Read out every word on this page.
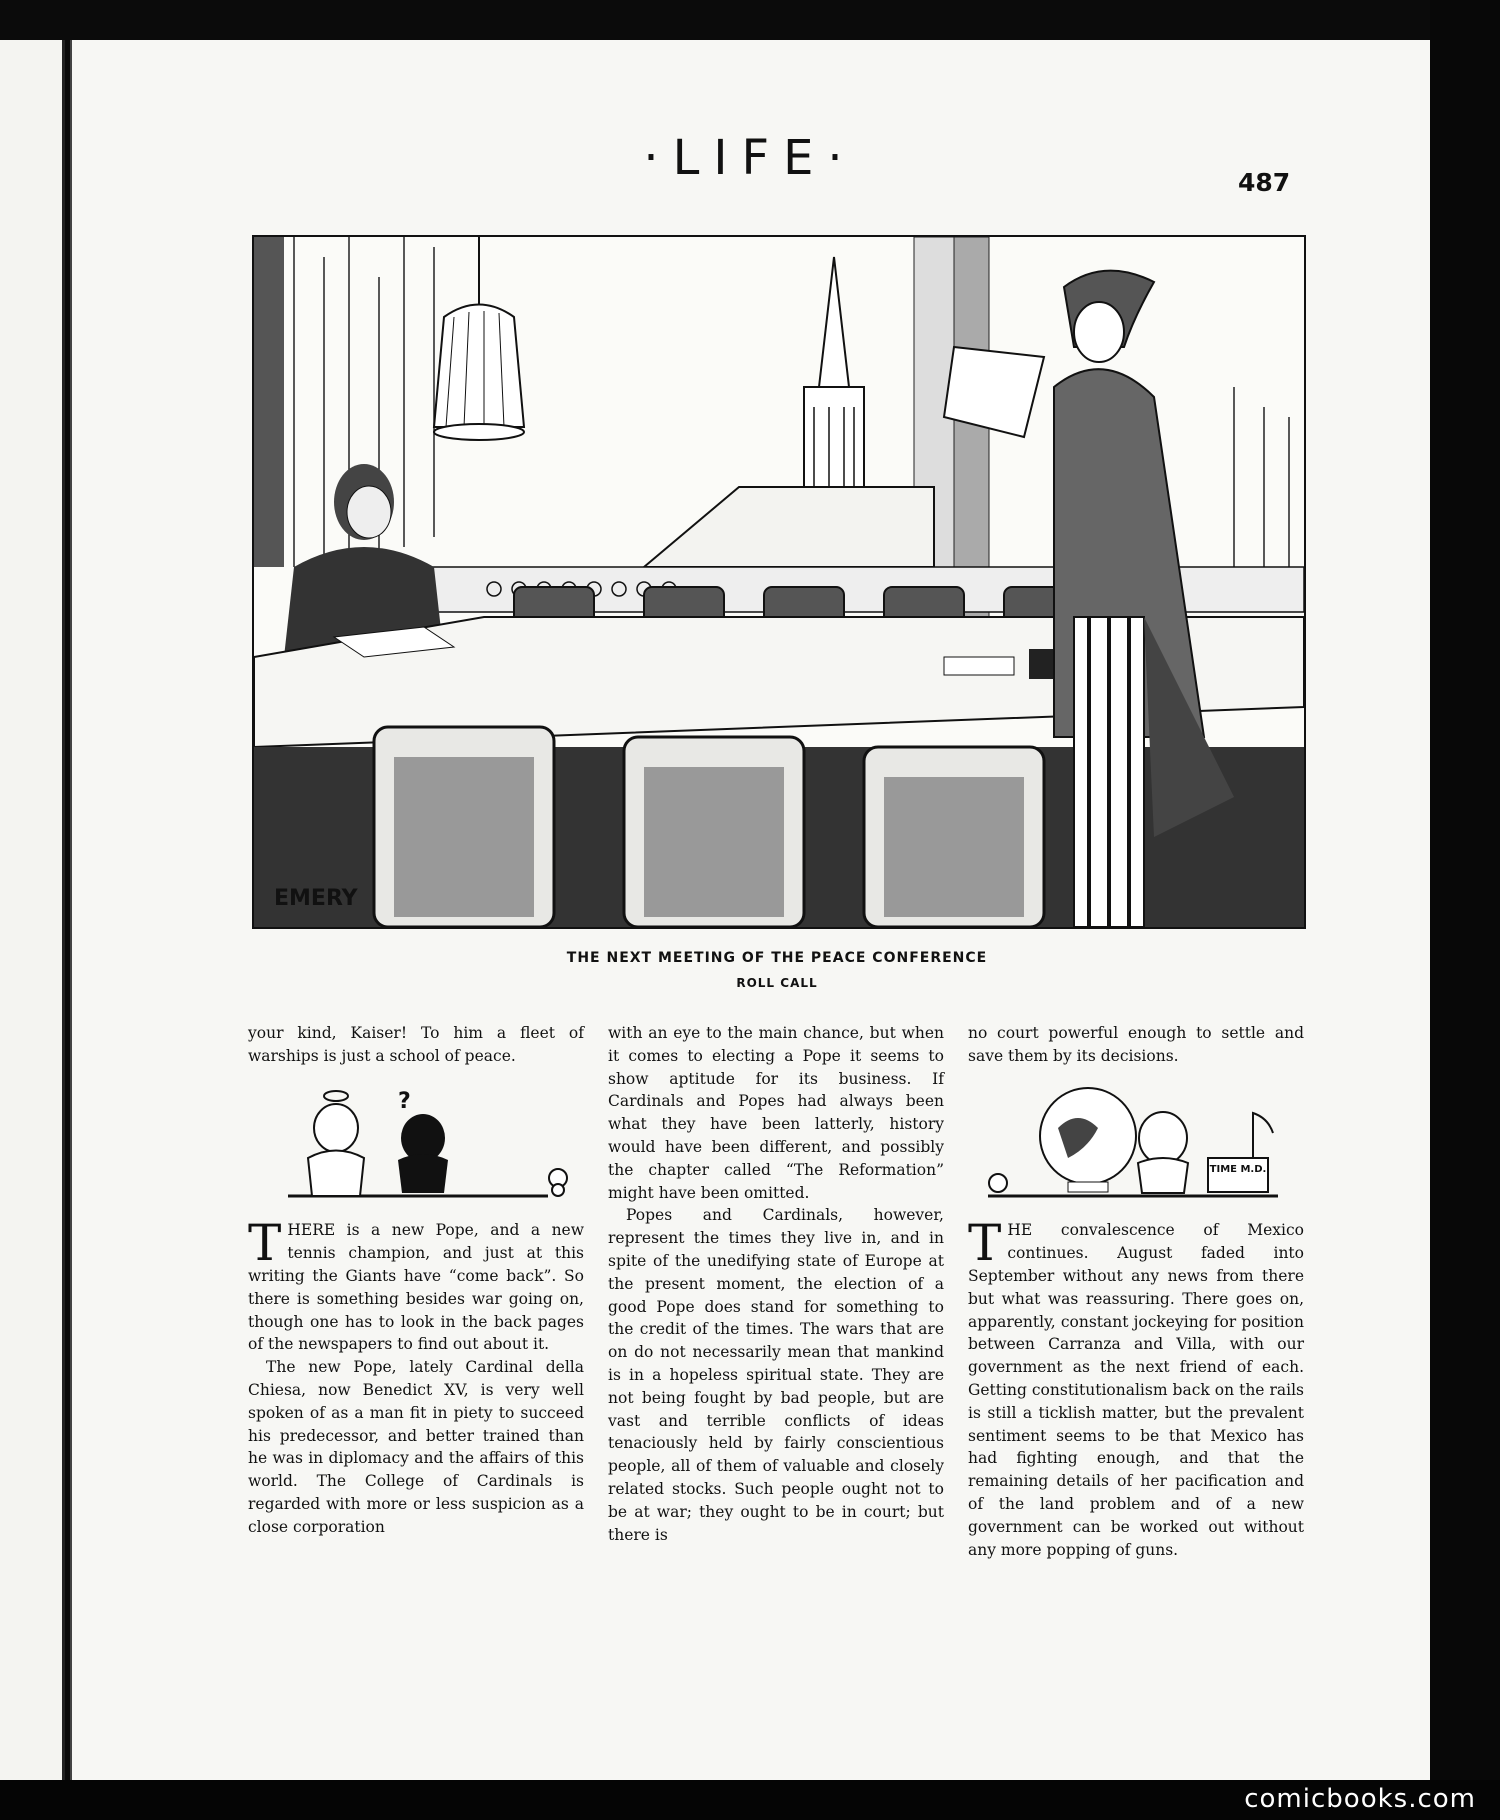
comicbooks.com
·LIFE·	487
EMERY
THE NEXT MEETING OF THE PEACE CONFERENCE
ROLL CALL

your kind, Kaiser! To him a fleet of warships is just a school of peace.

?

THERE is a new Pope, and a new tennis champion, and just at this writing the Giants have “come back”. So there is something besides war going on, though one has to look in the back pages of the newspapers to find out about it.

The new Pope, lately Cardinal della Chiesa, now Benedict XV, is very well spoken of as a man fit in piety to succeed his predecessor, and better trained than he was in diplomacy and the affairs of this world. The College of Cardinals is regarded with more or less suspicion as a close corporation

with an eye to the main chance, but when it comes to electing a Pope it seems to show aptitude for its business. If Cardinals and Popes had always been what they have been latterly, history would have been different, and possibly the chapter called “The Reformation” might have been omitted.

Popes and Cardinals, however, represent the times they live in, and in spite of the unedifying state of Europe at the present moment, the election of a good Pope does stand for something to the credit of the times. The wars that are on do not necessarily mean that mankind is in a hopeless spiritual state. They are not being fought by bad people, but are vast and terrible conflicts of ideas tenaciously held by fairly conscientious people, all of them of valuable and closely related stocks. Such people ought not to be at war; they ought to be in court; but there is

no court powerful enough to settle and save them by its decisions.

TIME M.D.

THE convalescence of Mexico continues. August faded into September without any news from there but what was reassuring. There goes on, apparently, constant jockeying for position between Carranza and Villa, with our government as the next friend of each. Getting constitutionalism back on the rails is still a ticklish matter, but the prevalent sentiment seems to be that Mexico has had fighting enough, and that the remaining details of her pacification and of the land problem and of a new government can be worked out without any more popping of guns.
